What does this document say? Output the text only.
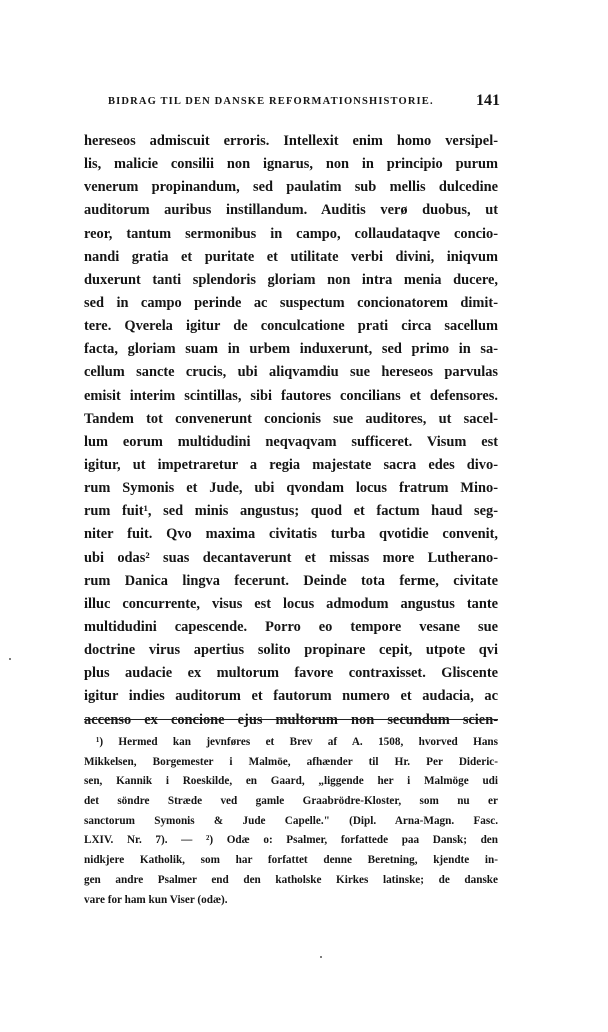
BIDRAG TIL DEN DANSKE REFORMATIONSHISTORIE.	141
hereseos admiscuit erroris. Intellexit enim homo versipel-
lis, malicie consilii non ignarus, non in principio purum
venerum propinandum, sed paulatim sub mellis dulcedine
auditorum auribus instillandum. Auditis verø duobus, ut
reor, tantum sermonibus in campo, collaudataqve concio-
nandi gratia et puritate et utilitate verbi divini, iniqvum
duxerunt tanti splendoris gloriam non intra menia ducere,
sed in campo perinde ac suspectum concionatorem dimit-
tere. Qverela igitur de conculcatione prati circa sacellum
facta, gloriam suam in urbem induxerunt, sed primo in sa-
cellum sancte crucis, ubi aliqvamdiu sue hereseos parvulas
emisit interim scintillas, sibi fautores concilians et defensores.
Tandem tot convenerunt concionis sue auditores, ut sacel-
lum eorum multidudini neqvaqvam sufficeret. Visum est
igitur, ut impetraretur a regia majestate sacra edes divo-
rum Symonis et Jude, ubi qvondam locus fratrum Mino-
rum fuit¹, sed minis angustus; quod et factum haud seg-
niter fuit. Qvo maxima civitatis turba qvotidie convenit,
ubi odas² suas decantaverunt et missas more Lutherano-
rum Danica lingva fecerunt. Deinde tota ferme, civitate
illuc concurrente, visus est locus admodum angustus tante
multidudini capescende. Porro eo tempore vesane sue
doctrine virus apertius solito propinare cepit, utpote qvi
plus audacie ex multorum favore contraxisset. Gliscente
igitur indies auditorum et fautorum numero et audacia, ac
accenso ex concione ejus multorum non secundum scien-
¹) Hermed kan jevnføres et Brev af A. 1508, hvorved Hans
Mikkelsen, Borgemester i Malmöe, afhænder til Hr. Per Dideric-
sen, Kannik i Roeskilde, en Gaard, „liggende her i Malmöge udi
det söndre Stræde ved gamle Graabrödre-Kloster, som nu er
sanctorum Symonis & Jude Capelle." (Dipl. Arna-Magn. Fasc.
LXIV. Nr. 7). — ²) Odæ o: Psalmer, forfattede paa Dansk; den
nidkjere Katholik, som har forfattet denne Beretning, kjendte in-
gen andre Psalmer end den katholske Kirkes latinske; de danske
vare for ham kun Viser (odæ).
